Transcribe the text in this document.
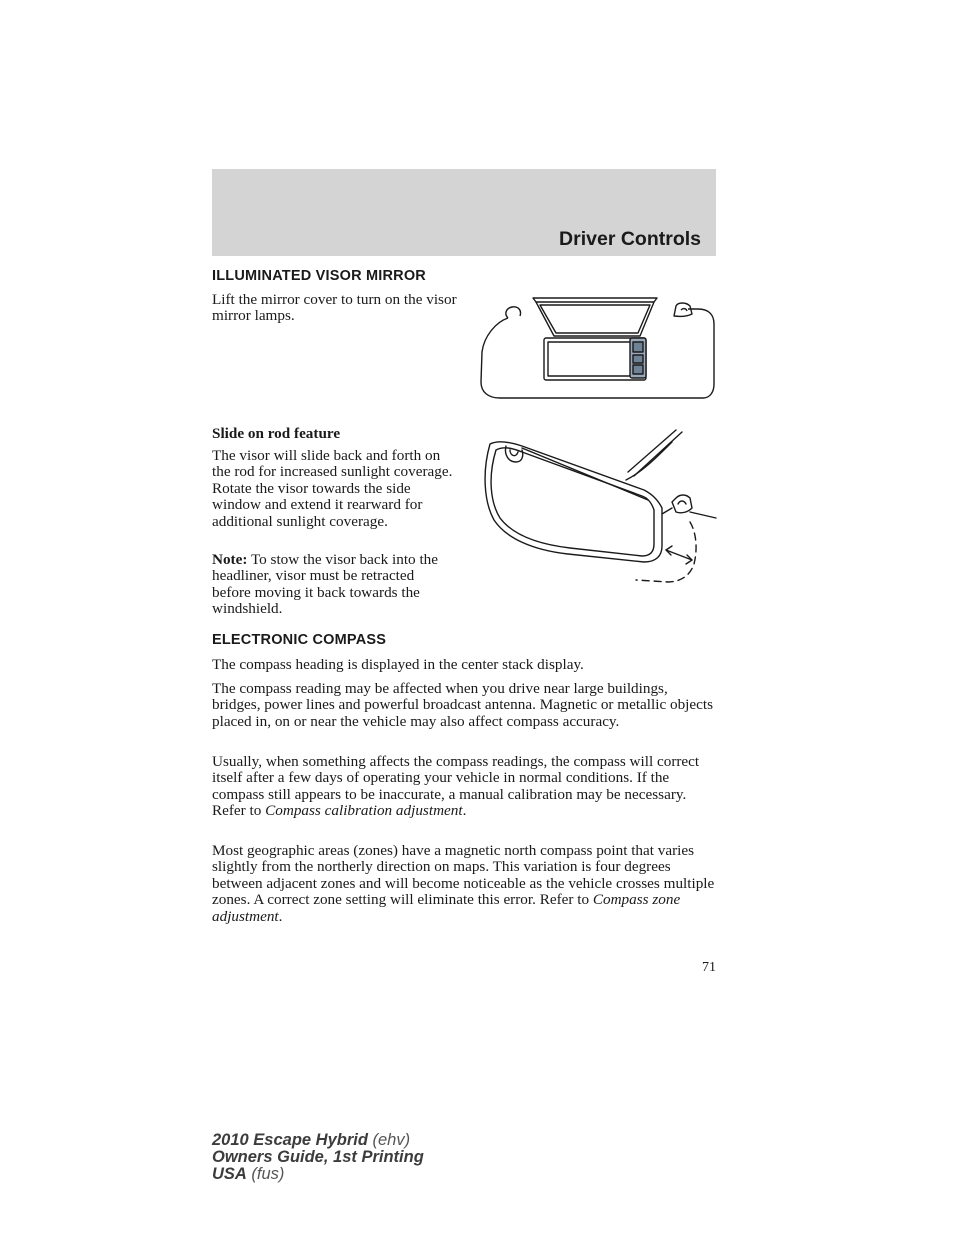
Driver Controls
ILLUMINATED VISOR MIRROR

Lift the mirror cover to turn on the visor mirror lamps.

Slide on rod feature

The visor will slide back and forth on the rod for increased sunlight coverage. Rotate the visor towards the side window and extend it rearward for additional sunlight coverage.

Note: To stow the visor back into the headliner, visor must be retracted before moving it back towards the windshield.

ELECTRONIC COMPASS

The compass heading is displayed in the center stack display.

The compass reading may be affected when you drive near large buildings, bridges, power lines and powerful broadcast antenna. Magnetic or metallic objects placed in, on or near the vehicle may also affect compass accuracy.

Usually, when something affects the compass readings, the compass will correct itself after a few days of operating your vehicle in normal conditions. If the compass still appears to be inaccurate, a manual calibration may be necessary. Refer to Compass calibration adjustment.

Most geographic areas (zones) have a magnetic north compass point that varies slightly from the northerly direction on maps. This variation is four degrees between adjacent zones and will become noticeable as the vehicle crosses multiple zones. A correct zone setting will eliminate this error. Refer to Compass zone adjustment.

71
2010 Escape Hybrid (ehv)
Owners Guide, 1st Printing
USA (fus)
